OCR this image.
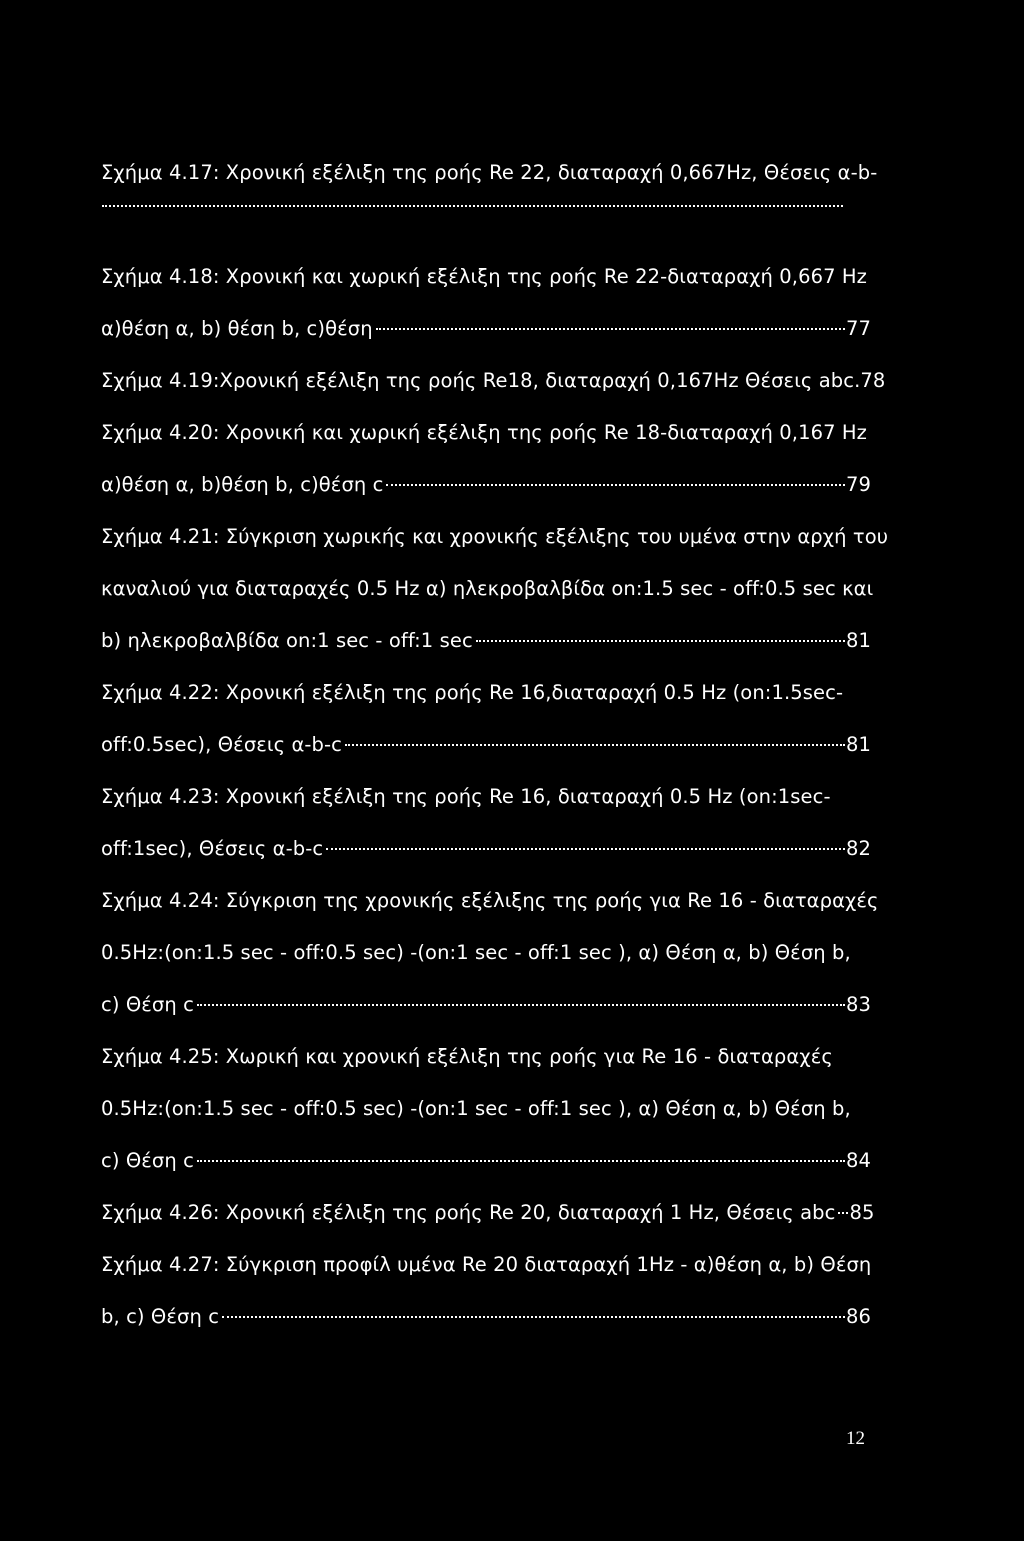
Σχήμα 4.17: Χρονική εξέλιξη της ροής Re 22, διαταραχή 0,667Hz, Θέσεις α-b-
Σχήμα 4.18: Χρονική και χωρική εξέλιξη της ροής Re 22-διαταραχή 0,667 Hz
α)θέση α, b) θέση b, c)θέση	77
Σχήμα 4.19:Χρονική εξέλιξη της ροής Re18, διαταραχή 0,167Hz Θέσεις abc.78
Σχήμα 4.20: Χρονική και χωρική εξέλιξη της ροής Re 18-διαταραχή 0,167 Hz
α)θέση α, b)θέση b, c)θέση c	79
Σχήμα 4.21: Σύγκριση χωρικής και χρονικής εξέλιξης του υμένα στην αρχή του
καναλιού για διαταραχές 0.5 Hz α) ηλεκροβαλβίδα on:1.5 sec - off:0.5 sec και
b) ηλεκροβαλβίδα on:1 sec - off:1 sec	81
Σχήμα 4.22: Χρονική εξέλιξη της ροής Re 16,διαταραχή 0.5 Hz (on:1.5sec-
off:0.5sec), Θέσεις α-b-c	81
Σχήμα 4.23: Χρονική εξέλιξη της ροής Re 16, διαταραχή 0.5 Hz (on:1sec-
off:1sec), Θέσεις α-b-c	82
Σχήμα 4.24: Σύγκριση της χρονικής εξέλιξης της ροής για Re 16 - διαταραχές
0.5Hz:(on:1.5 sec - off:0.5 sec) -(on:1 sec - off:1 sec ), α) Θέση α, b) Θέση b,
c) Θέση c	83
Σχήμα 4.25: Χωρική και χρονική εξέλιξη της ροής για Re 16 - διαταραχές
0.5Hz:(on:1.5 sec - off:0.5 sec) -(on:1 sec - off:1 sec ), α) Θέση α, b) Θέση b,
c) Θέση c	84
Σχήμα 4.26: Χρονική εξέλιξη της ροής Re 20, διαταραχή 1 Hz, Θέσεις abc 85
Σχήμα 4.27: Σύγκριση προφίλ υμένα Re 20 διαταραχή 1Hz - α)θέση α, b) Θέση
b, c) Θέση c	86
12
